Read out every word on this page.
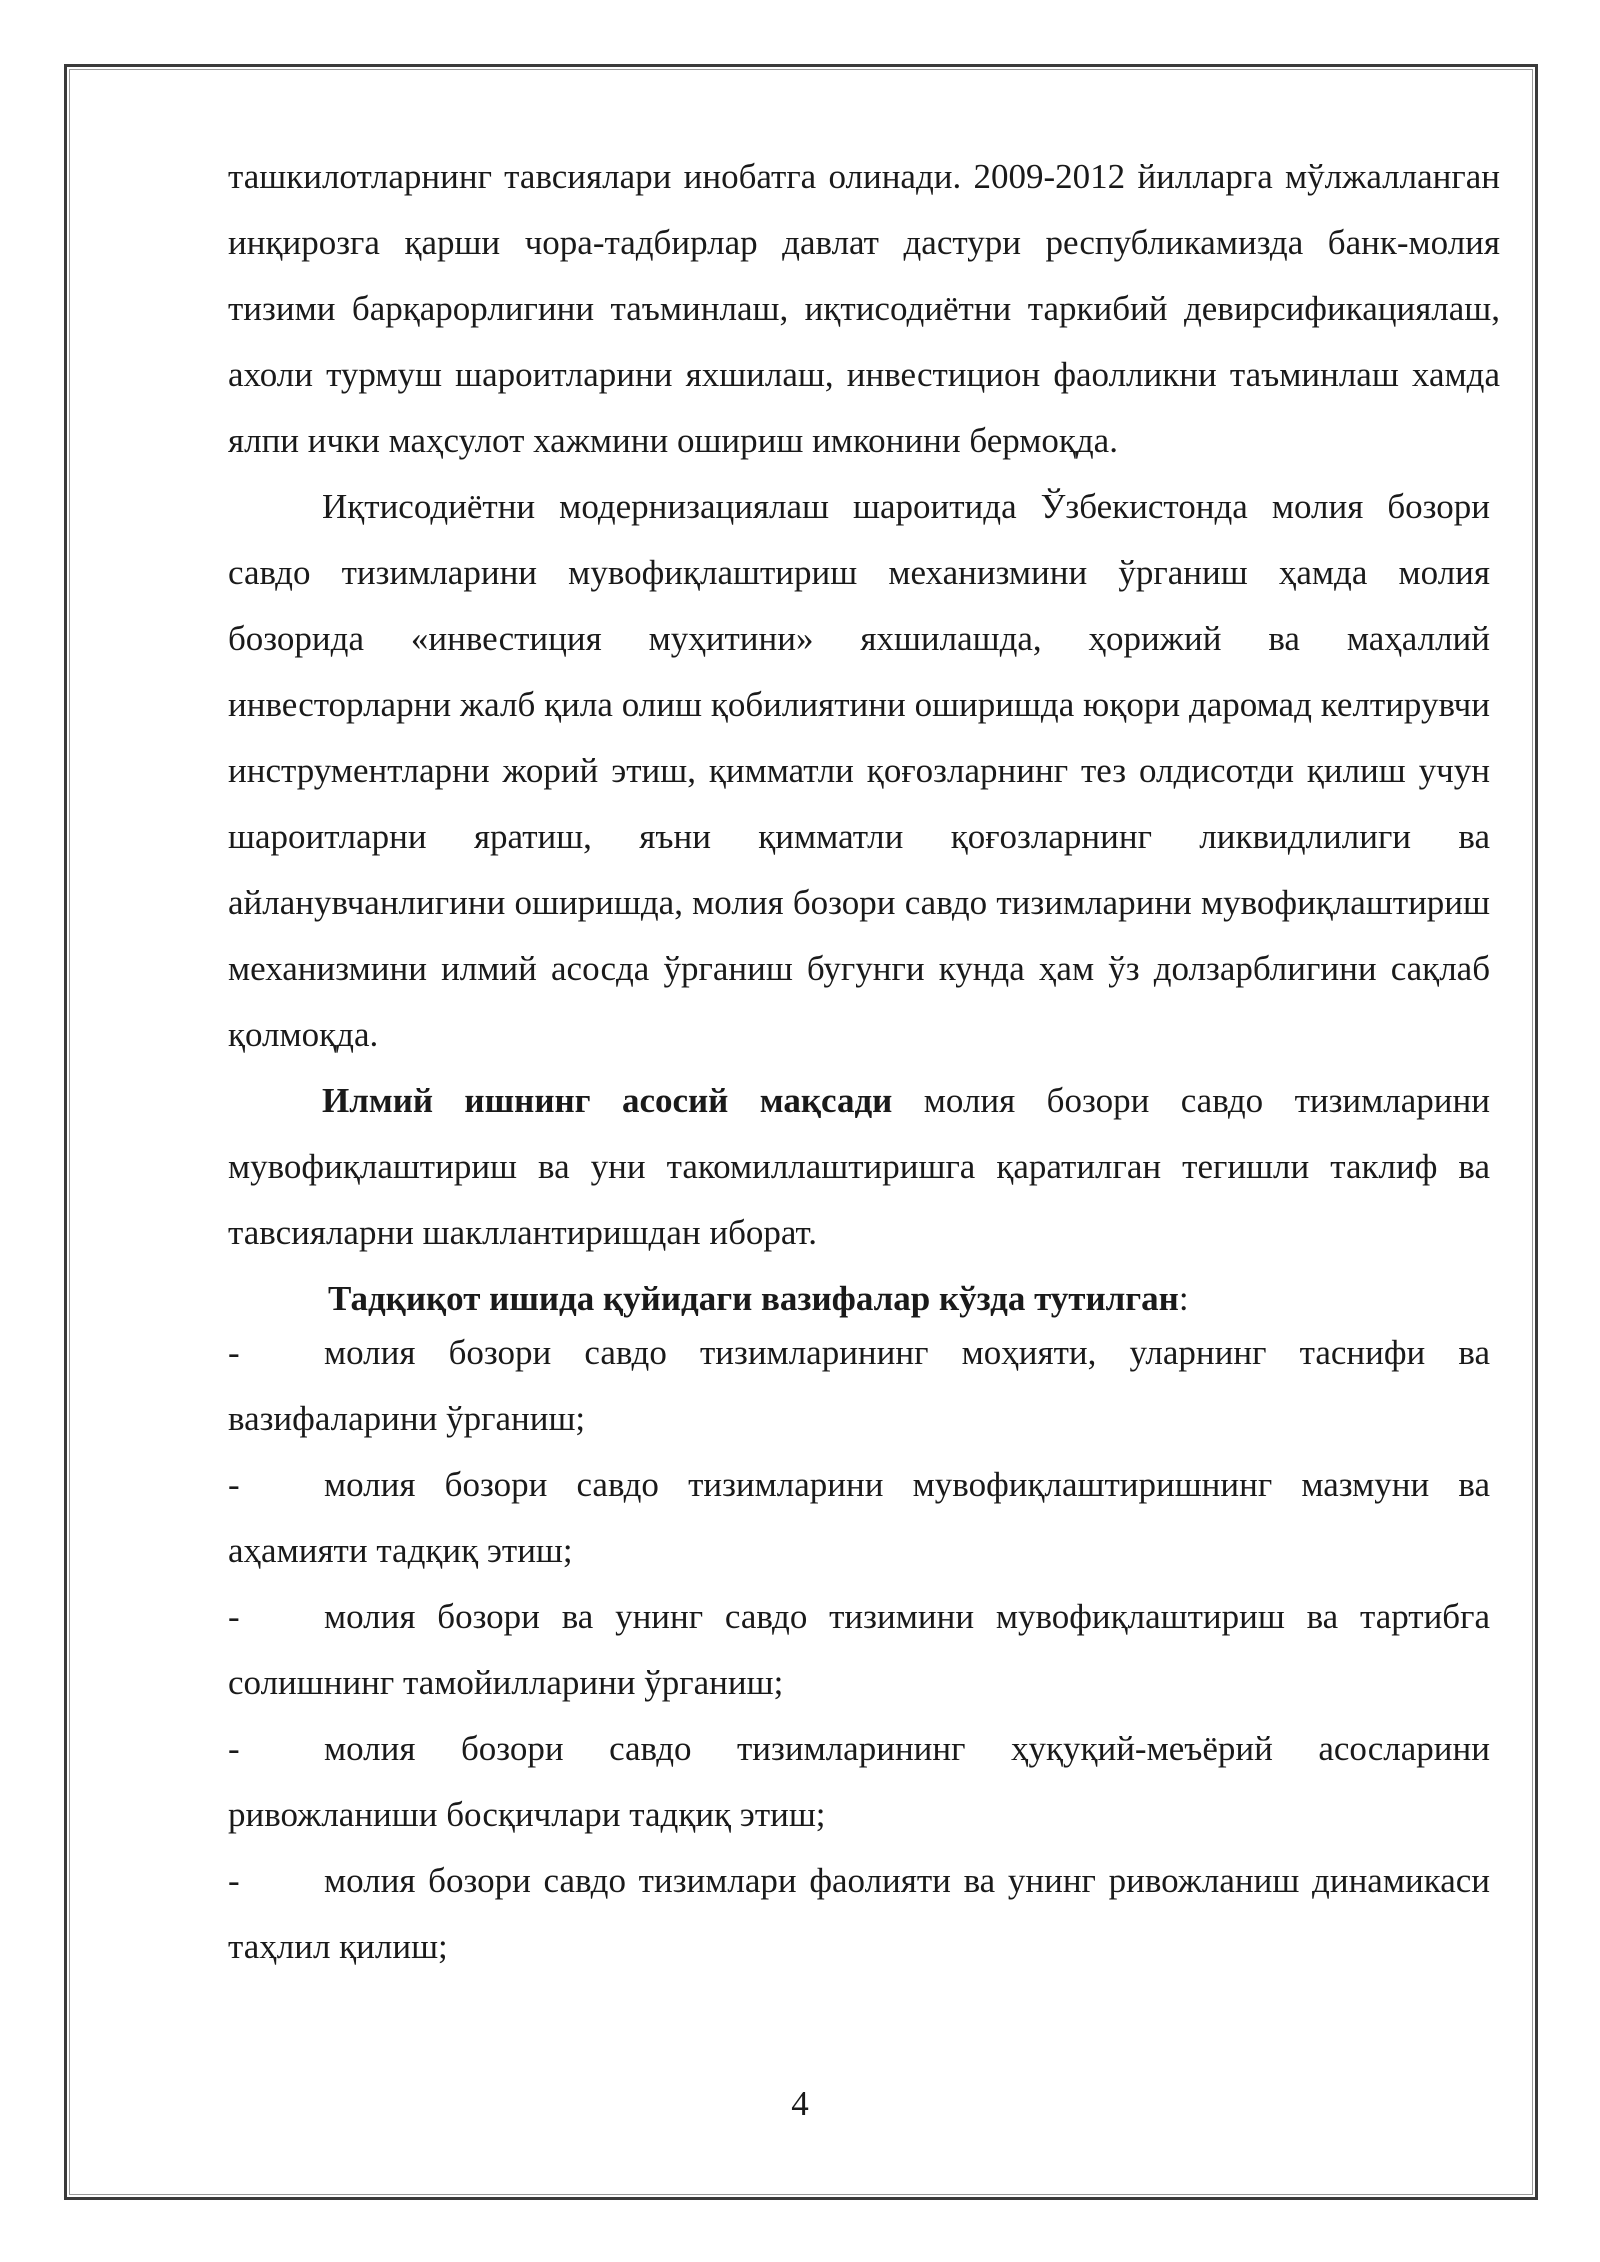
ташкилотларнинг тавсиялари инобатга олинади. 2009-2012 йилларга мўлжалланган инқирозга қарши чора-тадбирлар давлат дастури республикамизда банк-молия тизими барқарорлигини таъминлаш, иқтисодиётни таркибий девирсификациялаш, ахоли турмуш шароитларини яхшилаш, инвестицион фаолликни таъминлаш хамда ялпи ички маҳсулот хажмини ошириш имконини бермоқда.

Иқтисодиётни модернизациялаш шароитида Ўзбекистонда молия бозори савдо тизимларини мувофиқлаштириш механизмини ўрганиш ҳамда молия бозорида «инвестиция муҳитини» яхшилашда, ҳорижий ва маҳаллий инвесторларни жалб қила олиш қобилиятини оширишда юқори даромад келтирувчи инструментларни жорий этиш, қимматли қоғозларнинг тез олдисотди қилиш учун шароитларни яратиш, яъни қимматли қоғозларнинг ликвидлилиги ва айланувчанлигини оширишда, молия бозори савдо тизимларини мувофиқлаштириш механизмини илмий асосда ўрганиш бугунги кунда ҳам ўз долзарблигини сақлаб қолмоқда.

Илмий ишнинг асосий мақсади молия бозори савдо тизимларини мувофиқлаштириш ва уни такомиллаштиришга қаратилган тегишли таклиф ва тавсияларни шакллантиришдан иборат.

Тадқиқот ишида қуйидаги вазифалар кўзда тутилган:

- молия бозори савдо тизимларининг моҳияти, уларнинг таснифи ва вазифаларини ўрганиш;

- молия бозори савдо тизимларини мувофиқлаштиришнинг мазмуни ва аҳамияти тадқиқ этиш;

- молия бозори ва унинг савдо тизимини мувофиқлаштириш ва тартибга солишнинг тамойилларини ўрганиш;

- молия бозори савдо тизимларининг ҳуқуқий-меъёрий асосларини ривожланиши босқичлари тадқиқ этиш;

- молия бозори савдо тизимлари фаолияти ва унинг ривожланиш динамикаси таҳлил қилиш;

4
